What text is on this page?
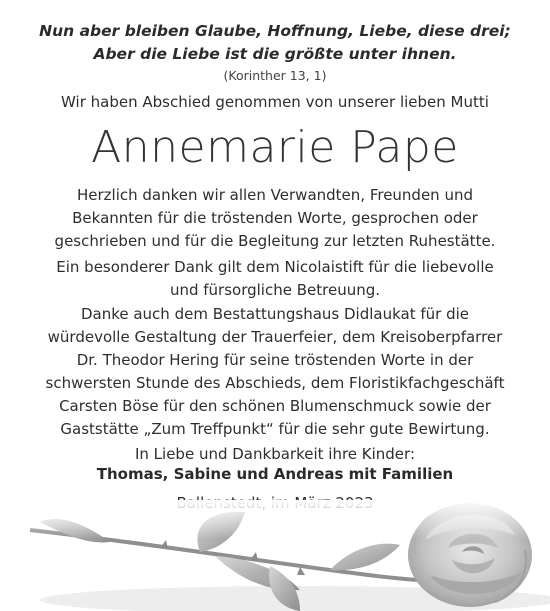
Nun aber bleiben Glaube, Hoffnung, Liebe, diese drei;
Aber die Liebe ist die größte unter ihnen.
(Korinther 13, 1)
Wir haben Abschied genommen von unserer lieben Mutti
Annemarie Pape
Herzlich danken wir allen Verwandten, Freunden und
Bekannten für die tröstenden Worte, gesprochen oder
geschrieben und für die Begleitung zur letzten Ruhestätte.
Ein besonderer Dank gilt dem Nicolaistift für die liebevolle
und fürsorgliche Betreuung.
Danke auch dem Bestattungshaus Didlaukat für die
würdevolle Gestaltung der Trauerfeier, dem Kreisoberpfarrer
Dr. Theodor Hering für seine tröstenden Worte in der
schwersten Stunde des Abschieds, dem Floristikfachgeschäft
Carsten Böse für den schönen Blumenschmuck sowie der
Gaststätte „Zum Treffpunkt“ für die sehr gute Bewirtung.
In Liebe und Dankbarkeit ihre Kinder:
Thomas, Sabine und Andreas mit Familien
